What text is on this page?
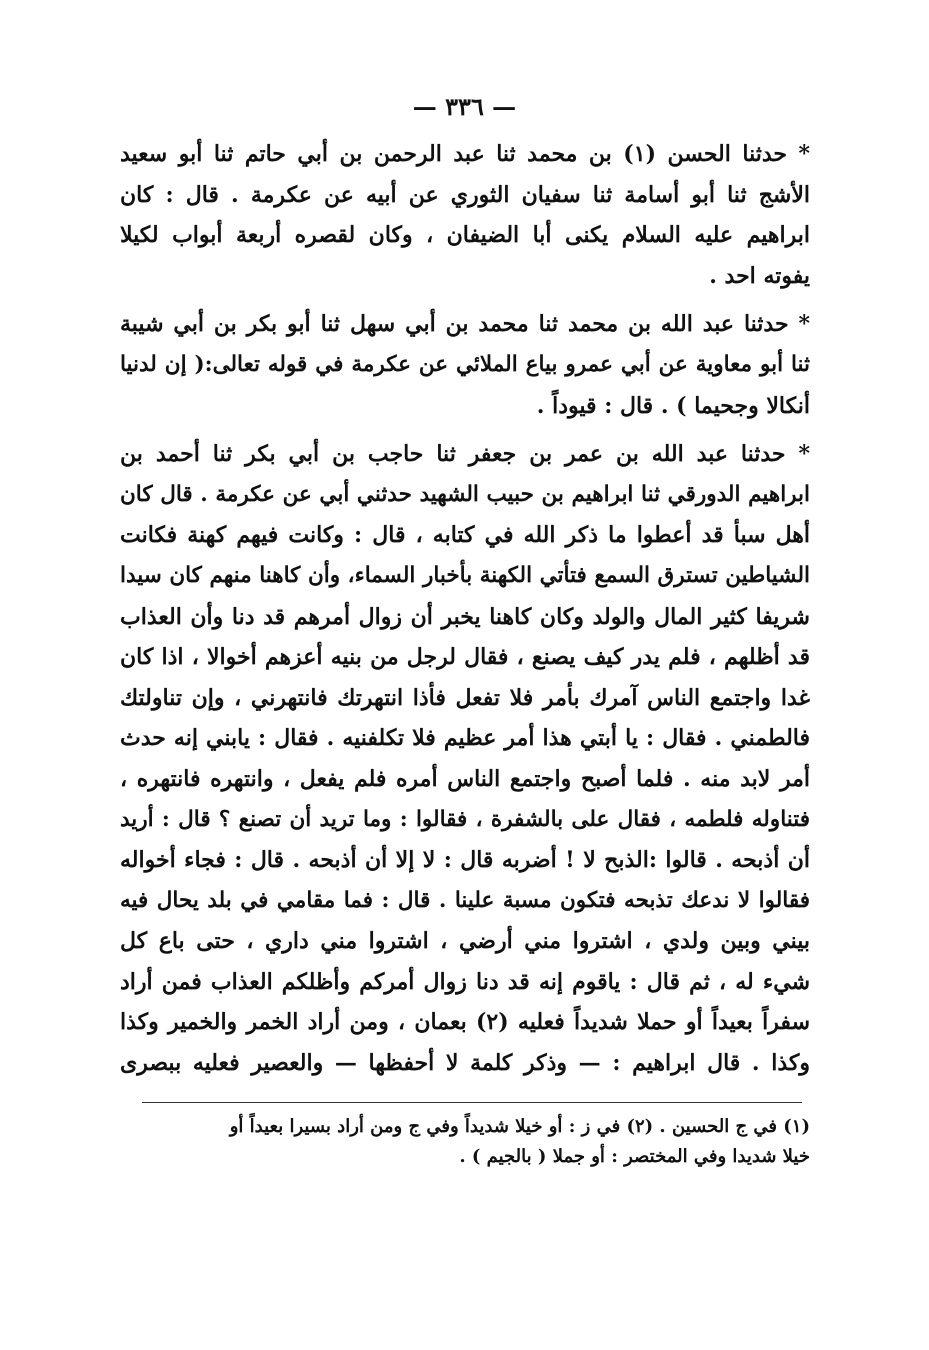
— ٣٣٦ —
* حدثنا الحسن (١) بن محمد ثنا عبد الرحمن بن أبي حاتم ثنا أبو سعيد
الأشج ثنا أبو أسامة ثنا سفيان الثوري عن أبيه عن عكرمة . قال : كان
ابراهيم عليه السلام يكنى أبا الضيفان ، وكان لقصره أربعة أبواب لكيلا
يفوته احد .
* حدثنا عبد الله بن محمد ثنا محمد بن أبي سهل ثنا أبو بكر بن أبي شيبة
ثنا أبو معاوية عن أبي عمرو بياع الملائي عن عكرمة في قوله تعالى:( إن لدنيا
أنكالا وجحيما ) . قال : قيوداً .
* حدثنا عبد الله بن عمر بن جعفر ثنا حاجب بن أبي بكر ثنا أحمد بن
ابراهيم الدورقي ثنا ابراهيم بن حبيب الشهيد حدثني أبي عن عكرمة . قال كان
أهل سبأ قد أعطوا ما ذكر الله في كتابه ، قال : وكانت فيهم كهنة فكانت
الشياطين تسترق السمع فتأتي الكهنة بأخبار السماء، وأن كاهنا منهم كان سيدا
شريفا كثير المال والولد وكان كاهنا يخبر أن زوال أمرهم قد دنا وأن العذاب
قد أظلهم ، فلم يدر كيف يصنع ، فقال لرجل من بنيه أعزهم أخوالا ، اذا كان
غدا واجتمع الناس آمرك بأمر فلا تفعل فأذا انتهرتك فانتهرني ، وإن تناولتك
فالطمني . فقال : يا أبتي هذا أمر عظيم فلا تكلفنيه . فقال : يابني إنه حدث
أمر لابد منه . فلما أصبح واجتمع الناس أمره فلم يفعل ، وانتهره فانتهره ،
فتناوله فلطمه ، فقال على بالشفرة ، فقالوا : وما تريد أن تصنع ؟ قال : أريد
أن أذبحه . قالوا :الذبح لا ! أضربه قال : لا إلا أن أذبحه . قال : فجاء أخواله
فقالوا لا ندعك تذبحه فتكون مسبة علينا . قال : فما مقامي في بلد يحال فيه
بيني وبين ولدي ، اشتروا مني أرضي ، اشتروا مني داري ، حتى باع كل
شيء له ، ثم قال : ياقوم إنه قد دنا زوال أمركم وأظلكم العذاب فمن أراد
سفراً بعيداً أو حملا شديداً فعليه (٢) بعمان ، ومن أراد الخمر والخمير وكذا
وكذا . قال ابراهيم : — وذكر كلمة لا أحفظها — والعصير فعليه ببصرى
(١) في ج الحسين . (٢) في ز : أو خيلا شديداً وفي ج ومن أراد بسيرا بعيداً أو
خيلا شديدا وفي المختصر : أو جملا ( بالجيم ) .
